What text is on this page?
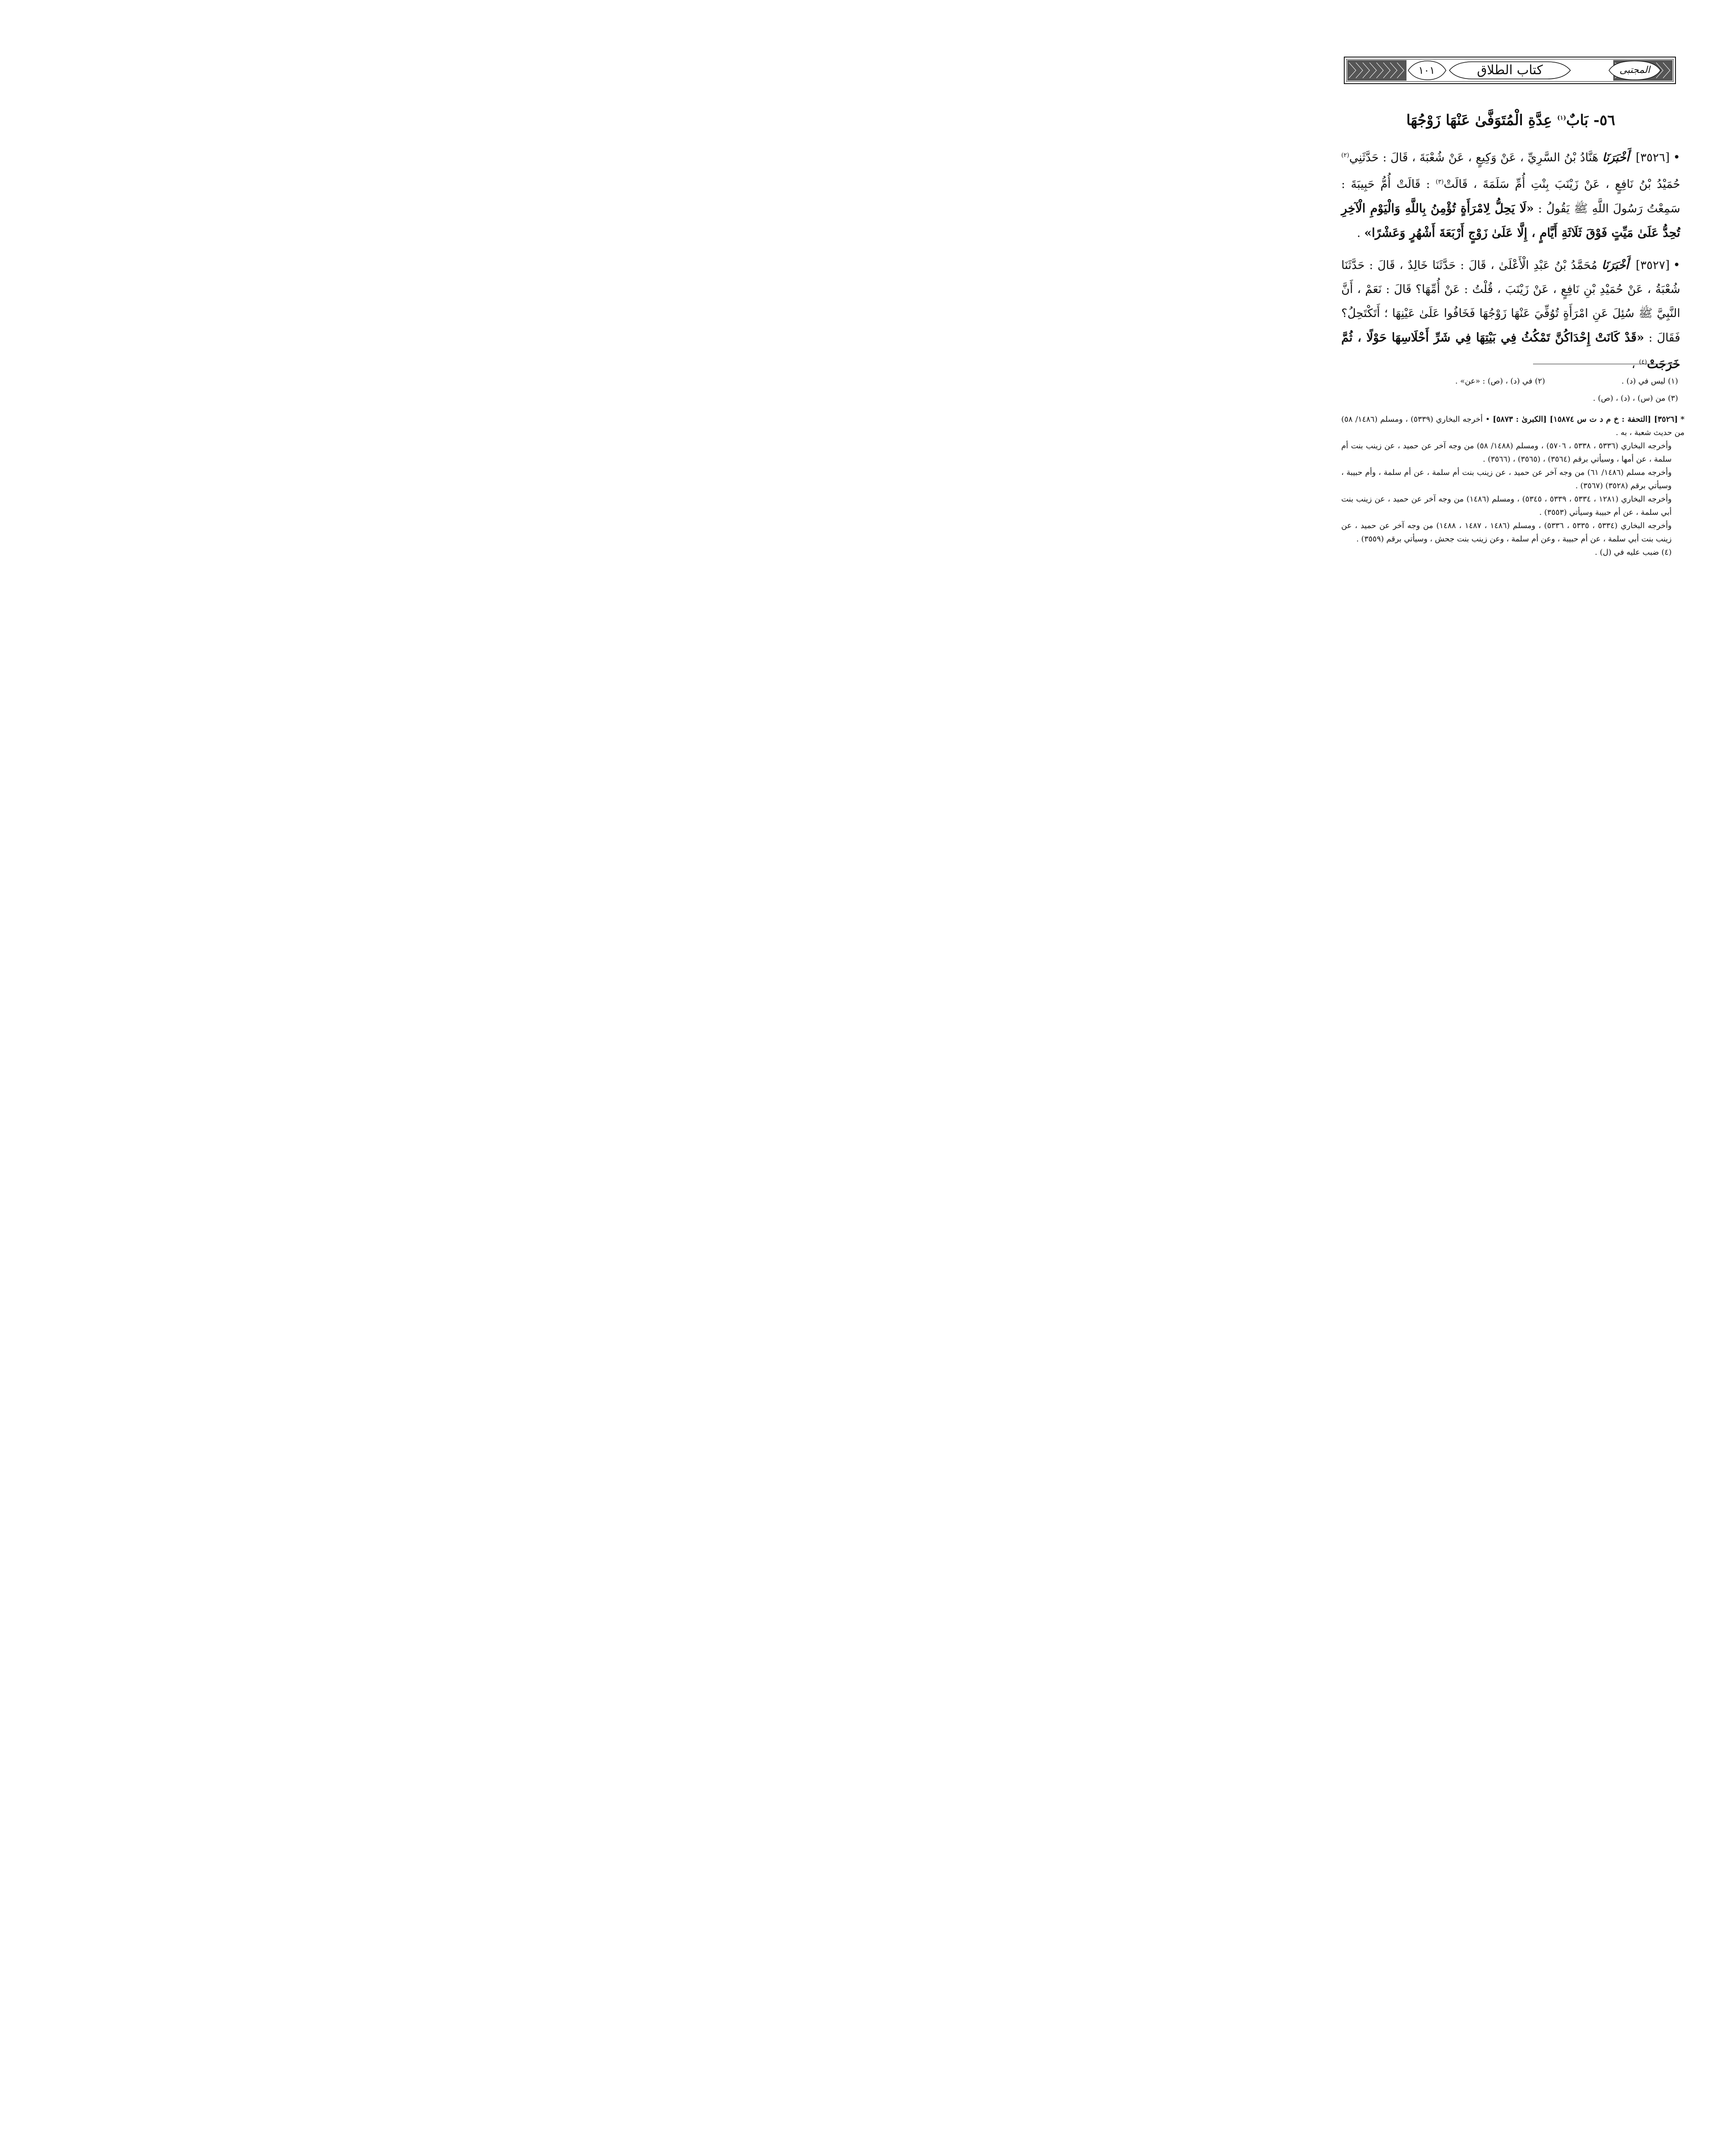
١٠١	كتاب الطلاق	المجتبى
٥٦- بَابٌ$^{(١)}$ عِدَّةِ الْمُتَوَفَّىٰ عَنْهَا زَوْجُهَا
•[٣٥٢٦] أَخْبَرَنَا هَنَّادُ بْنُ السَّرِيِّ ، عَنْ وَكِيعٍ ، عَنْ شُعْبَةَ ، قَالَ : حَدَّثَنِي$^{(٢)}$ حُمَيْدُ بْنُ نَافِعٍ ، عَنْ زَيْنَبَ بِنْتِ أُمِّ سَلَمَةَ ، قَالَتْ$^{(٣)}$ : قَالَتْ أُمُّ حَبِيبَةَ : سَمِعْتُ رَسُولَ اللَّهِ ﷺ يَقُولُ : «لَا يَحِلُّ لِامْرَأَةٍ تُؤْمِنُ بِاللَّهِ وَالْيَوْمِ الْآخِرِ تُحِدُّ عَلَىٰ مَيِّتٍ فَوْقَ ثَلَاثَةِ أَيَّامٍ ، إِلَّا عَلَىٰ زَوْجٍ أَرْبَعَةَ أَشْهُرٍ وَعَشْرًا» .
•[٣٥٢٧] أَخْبَرَنَا مُحَمَّدُ بْنُ عَبْدِ الْأَعْلَىٰ ، قَالَ : حَدَّثَنَا خَالِدٌ ، قَالَ : حَدَّثَنَا شُعْبَةُ ، عَنْ حُمَيْدِ بْنِ نَافِعٍ ، عَنْ زَيْنَبَ ، قُلْتُ : عَنْ أُمِّهَا؟ قَالَ : نَعَمْ ، أَنَّ النَّبِيَّ ﷺ سُئِلَ عَنِ امْرَأَةٍ تُوُفِّيَ عَنْهَا زَوْجُهَا فَخَافُوا عَلَىٰ عَيْنِهَا ؛ أَتَكْتَحِلُ؟ فَقَالَ : «قَدْ كَانَتْ إِحْدَاكُنَّ تَمْكُثُ فِي بَيْتِهَا فِي شَرِّ أَحْلَاسِهَا حَوْلًا ، ثُمَّ خَرَجَتْ$^{(٤)}$ ،
(١) ليس في (د) .
(٢) في (د) ، (ص) : «عن» .
(٣) من (س) ، (د) ، (ص) .

*[٣٥٢٦] [التحفة : خ م د ت س ١٥٨٧٤] [الكبرىٰ : ٥٨٧٣] • أخرجه البخاري (٥٣٣٩) ، ومسلم (١٤٨٦/ ٥٨) من حديث شعبة ، به .

وأخرجه البخاري (٥٣٣٦ ، ٥٣٣٨ ، ٥٧٠٦) ، ومسلم (١٤٨٨/ ٥٨) من وجه آخر عن حميد ، عن زينب بنت أم سلمة ، عن أمها ، وسيأتي برقم (٣٥٦٤) ، (٣٥٦٥) ، (٣٥٦٦) .

وأخرجه مسلم (١٤٨٦/ ٦١) من وجه آخر عن حميد ، عن زينب بنت أم سلمة ، عن أم سلمة ، وأم حبيبة ، وسيأتي برقم (٣٥٢٨) (٣٥٦٧) .

وأخرجه البخاري (١٢٨١ ، ٥٣٣٤ ، ٥٣٣٩ ، ٥٣٤٥) ، ومسلم (١٤٨٦) من وجه آخر عن حميد ، عن زينب بنت أبي سلمة ، عن أم حبيبة وسيأتي (٣٥٥٣) .

وأخرجه البخاري (٥٣٣٤ ، ٥٣٣٥ ، ٥٣٣٦) ، ومسلم (١٤٨٦ ، ١٤٨٧ ، ١٤٨٨) من وجه آخر عن حميد ، عن زينب بنت أبي سلمة ، عن أم حبيبة ، وعن أم سلمة ، وعن زينب بنت جحش ، وسيأتي برقم (٣٥٥٩) .

(٤) ضبب عليه في (ل) .
